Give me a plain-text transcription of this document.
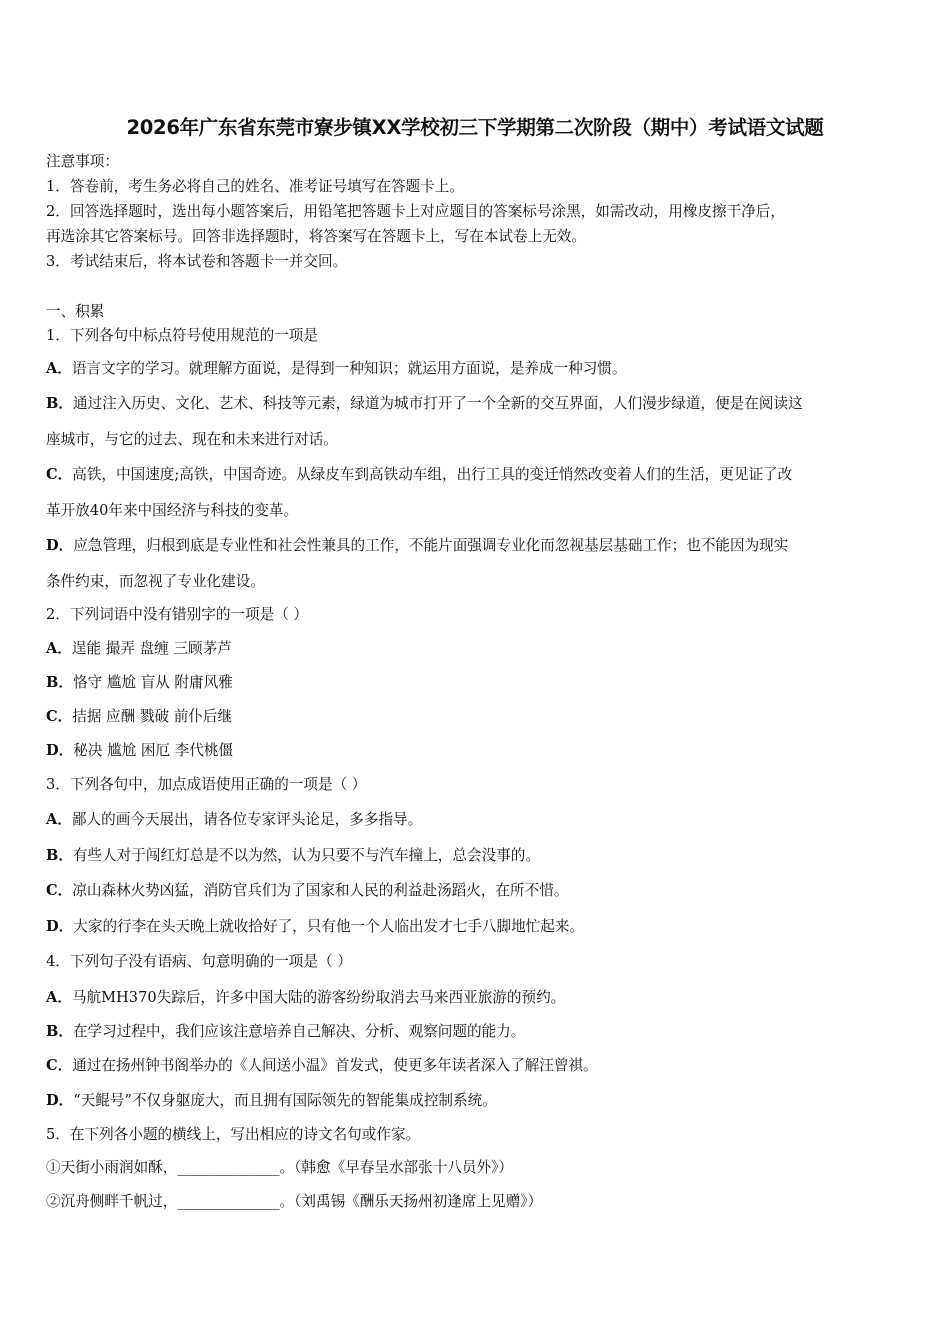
2026年广东省东莞市寮步镇XX学校初三下学期第二次阶段（期中）考试语文试题
注意事项：
1．答卷前，考生务必将自己的姓名、准考证号填写在答题卡上。
2．回答选择题时，选出每小题答案后，用铅笔把答题卡上对应题目的答案标号涂黑，如需改动，用橡皮擦干净后，
再选涂其它答案标号。回答非选择题时，将答案写在答题卡上，写在本试卷上无效。
3．考试结束后，将本试卷和答题卡一并交回。
一、积累
1．下列各句中标点符号使用规范的一项是
A．语言文字的学习。就理解方面说，是得到一种知识；就运用方面说，是养成一种习惯。
B．通过注入历史、文化、艺术、科技等元素，绿道为城市打开了一个全新的交互界面，人们漫步绿道，便是在阅读这
座城市，与它的过去、现在和未来进行对话。
C．高铁，中国速度;高铁，中国奇迹。从绿皮车到高铁动车组，出行工具的变迁悄然改变着人们的生活，更见证了改
革开放40年来中国经济与科技的变革。
D．应急管理，归根到底是专业性和社会性兼具的工作，不能片面强调专业化而忽视基层基础工作；也不能因为现实
条件约束，而忽视了专业化建设。
2．下列词语中没有错别字的一项是（ ）
A．逞能 撮弄 盘缠 三顾茅芦
B．恪守 尴尬 盲从 附庸风雅
C．拮据 应酬 戮破 前仆后继
D．秘决 尴尬 困厄 李代桃僵
3．下列各句中，加点成语使用正确的一项是（ ）
A．鄙人的画今天展出，请各位专家评头论足，多多指导。
B．有些人对于闯红灯总是不以为然，认为只要不与汽车撞上，总会没事的。
C．凉山森林火势凶猛，消防官兵们为了国家和人民的利益赴汤蹈火，在所不惜。
D．大家的行李在头天晚上就收拾好了，只有他一个人临出发才七手八脚地忙起来。
4．下列句子没有语病、句意明确的一项是（ ）
A．马航MH370失踪后，许多中国大陆的游客纷纷取消去马来西亚旅游的预约。
B．在学习过程中，我们应该注意培养自己解决、分析、观察问题的能力。
C．通过在扬州钟书阁举办的《人间送小温》首发式，使更多年读者深入了解汪曾祺。
D．“天鲲号”不仅身躯庞大，而且拥有国际领先的智能集成控制系统。
5．在下列各小题的横线上，写出相应的诗文名句或作家。
①天街小雨润如酥，______________。（韩愈《早春呈水部张十八员外》）
②沉舟侧畔千帆过，______________。（刘禹锡《酬乐天扬州初逢席上见赠》）
